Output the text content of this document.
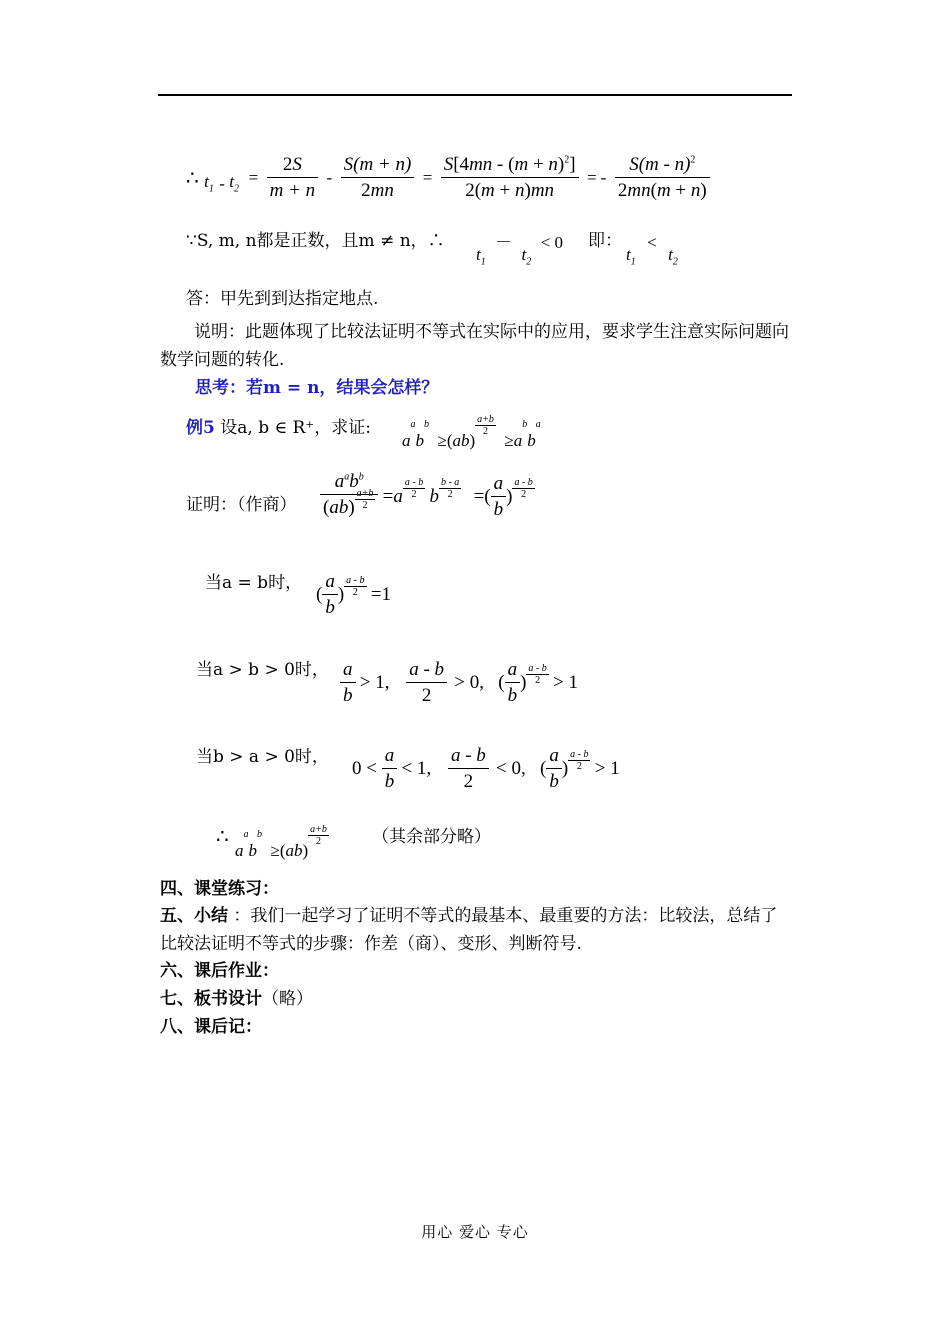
∴ $t_1 - t_2 = \frac{2S}{m + n} - \frac{S(m + n)}{2mn} = \frac{S[4mn - (m + n)^2]}{2(m + n)mn}$ = - $\frac{S(m - n)^2}{2mn(m + n)}$
∵S, m, n都是正数，且m ≠ n，∴
$t_1 - t_2 < 0$ 即：
$t_1 < t_2$
答：甲先到到达指定地点.
说明：此题体现了比较法证明不等式在实际中的应用，要求学生注意实际问题向数学问题的转化.
思考：若m = n，结果会怎样？
例5 设a, b ∈ R⁺，求证:
aabb  ≥(ab)
$\frac{a+b}{2}$
≥abba
证明：（作商） $\frac{a^ab^b}{(ab) \frac{a+b}{2}} =a \frac{a - b}{2}$ b $\frac{b - a}{2}$ =( $\frac{a}{b}$ ) $\frac{a - b}{2}$
当a = b时，
( $\frac{a}{b}$ ) $\frac{a - b}{2} =1$
当a > b > 0时， $\frac{a}{b} > 1$, $\frac{a - b}{2} > 0$,   ( $\frac{a}{b}$ ) $\frac{a - b}{2} > 1$
当b > a > 0时，
$0 < \frac{a}{b} < 1$, $\frac{a - b}{2} < 0$,   ( $\frac{a}{b}$ ) $\frac{a - b}{2} > 1$
∴
aabb  ≥(ab)
$\frac{a+b}{2}$	（其余部分略）
四、课堂练习：
五、小结 ：我们一起学习了证明不等式的最基本、最重要的方法：比较法，总结了比较法证明不等式的步骤：作差（商）、变形、判断符号.
六、课后作业：
七、板书设计（略）
八、课后记：
用心 爱心 专心
